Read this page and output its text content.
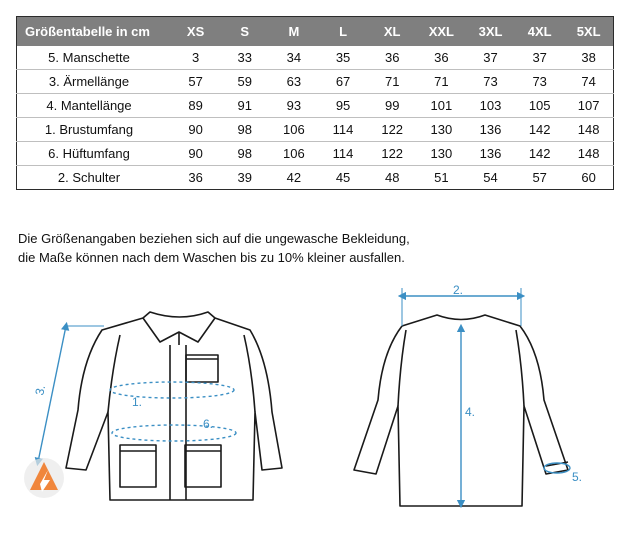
Größentabelle in cm	XS	S	M	L	XL	XXL	3XL	4XL	5XL
5. Manschette	3	33	34	35	36	36	37	37	38
3. Ärmellänge	57	59	63	67	71	71	73	73	74
4. Mantellänge	89	91	93	95	99	101	103	105	107
1. Brustumfang	90	98	106	114	122	130	136	142	148
6. Hüftumfang	90	98	106	114	122	130	136	142	148
2. Schulter	36	39	42	45	48	51	54	57	60
Die Größenangaben beziehen sich auf die ungewasche Bekleidung,
die Maße können nach dem Waschen bis zu 10% kleiner ausfallen.
1.
6.
3.
2.
4.
5.
